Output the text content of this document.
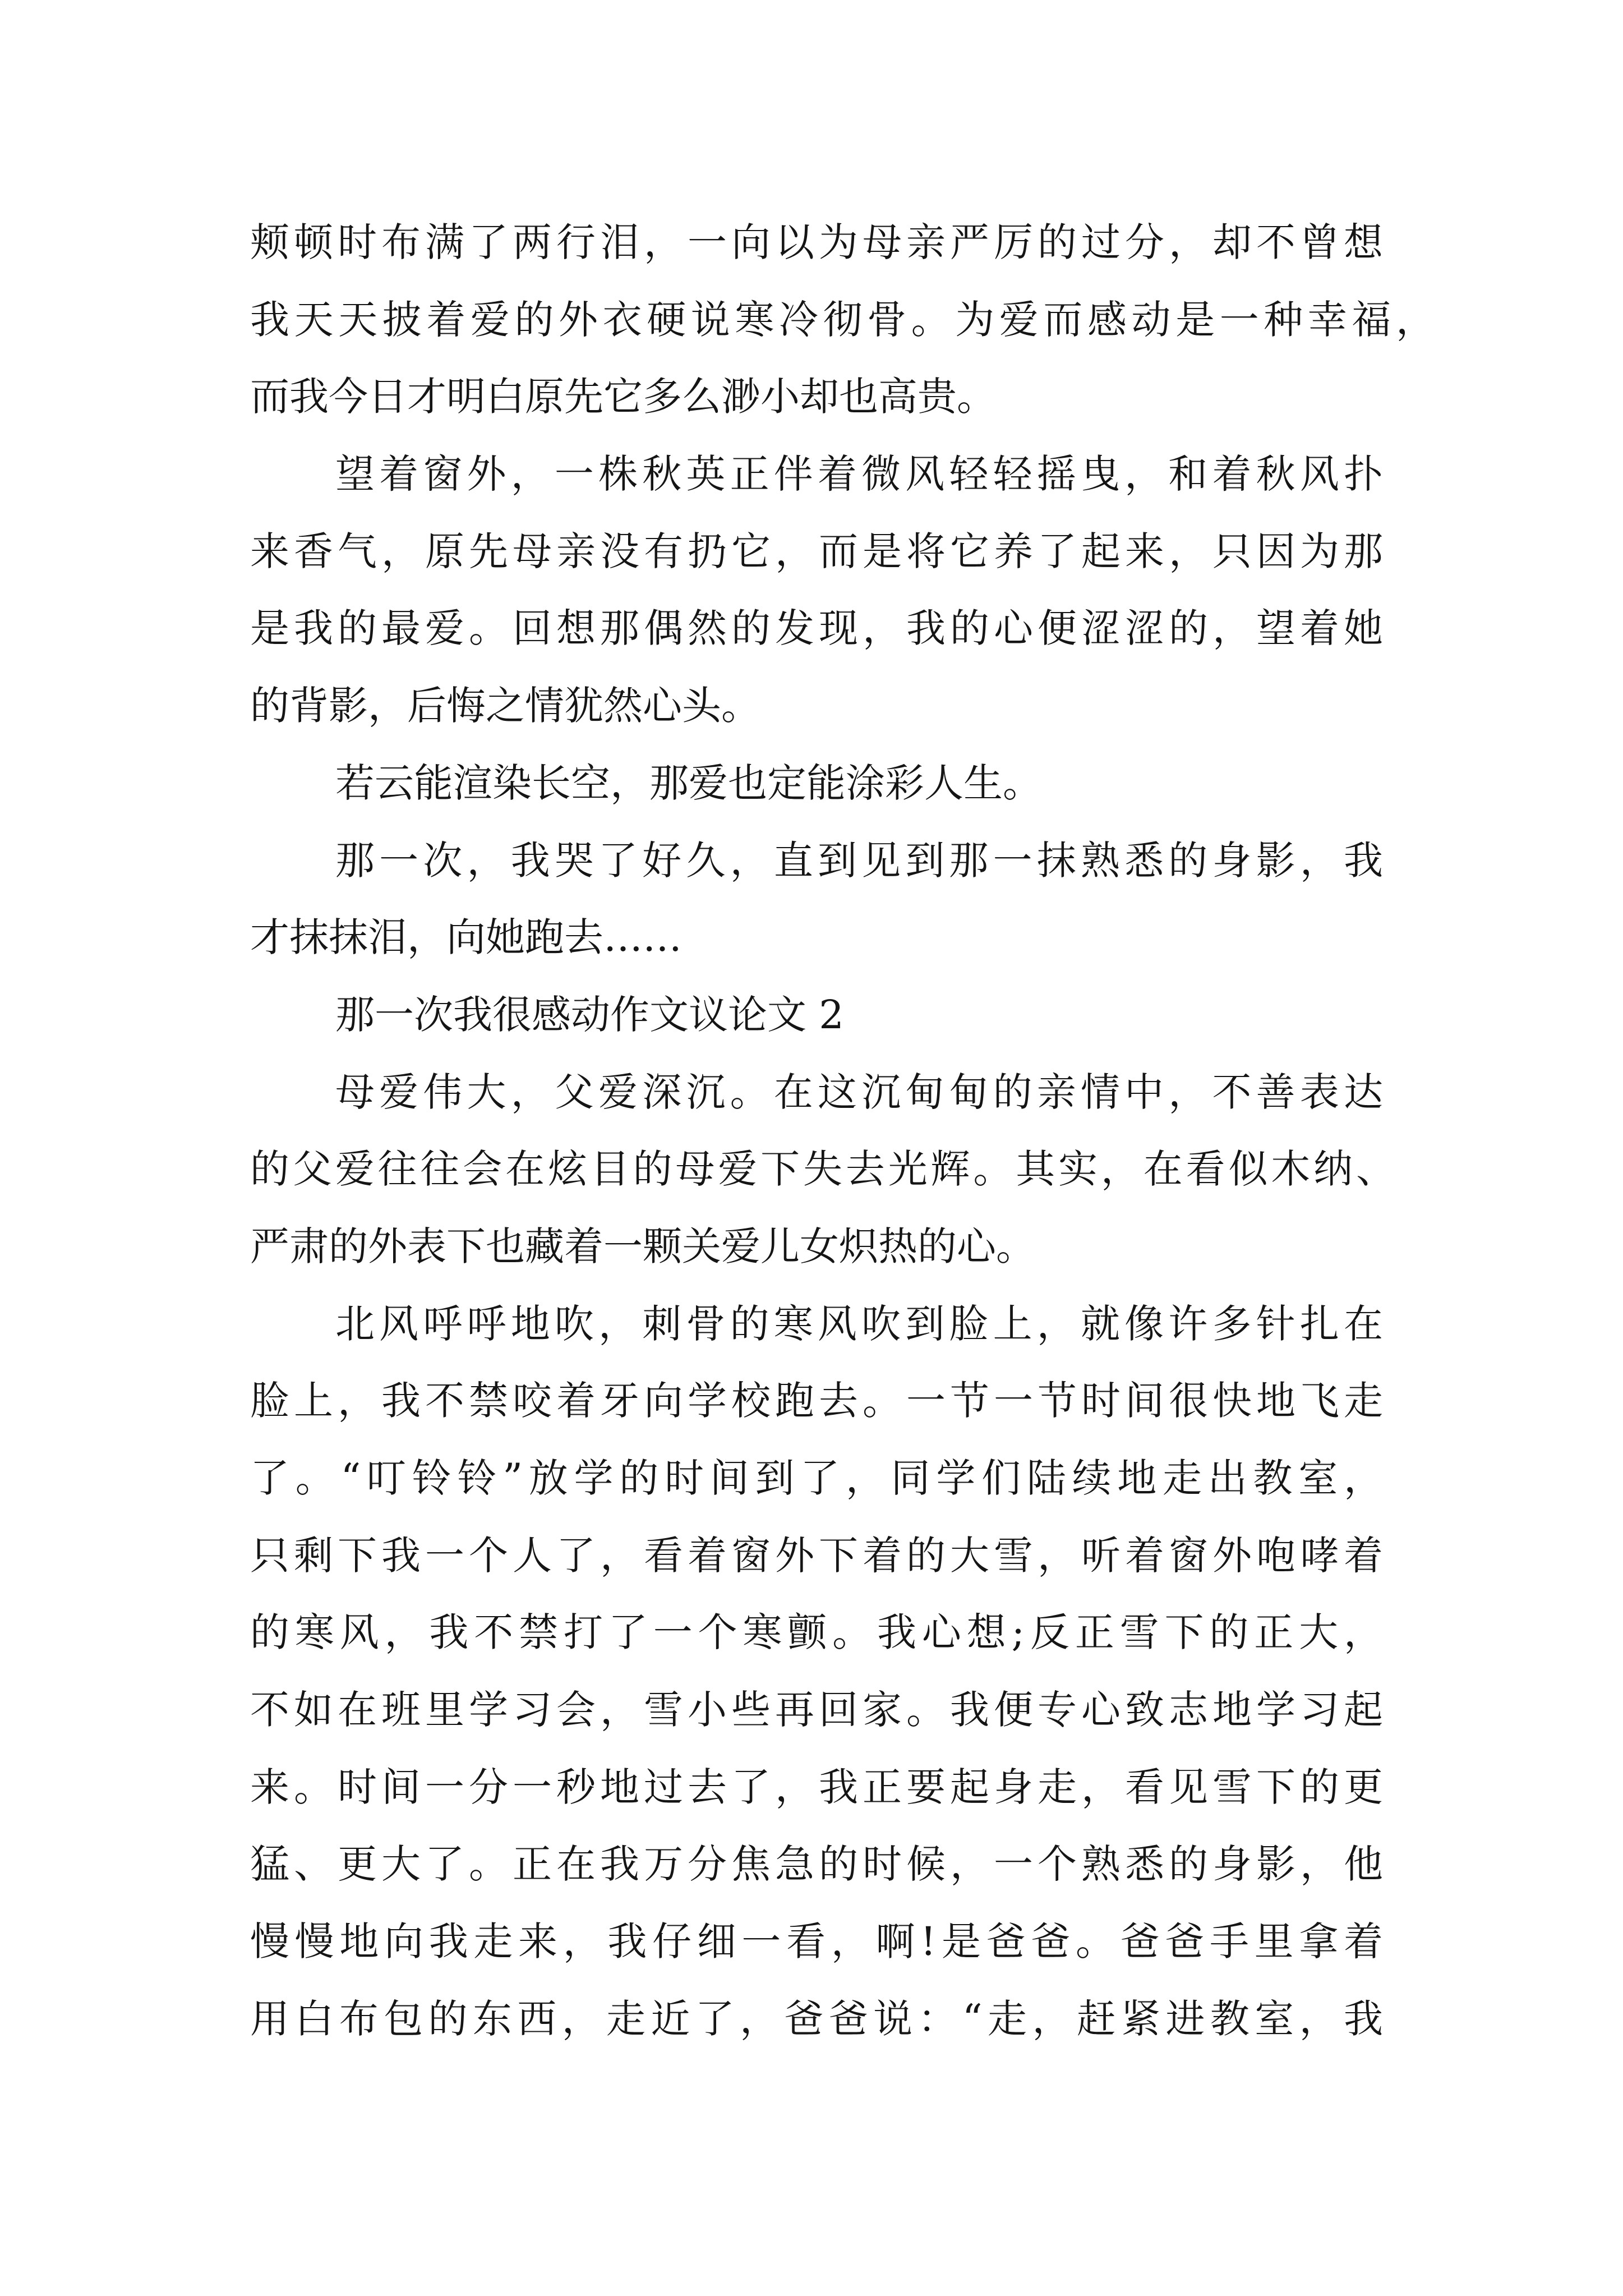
颊顿时布满了两行泪，一向以为母亲严厉的过分，却不曾想
我天天披着爱的外衣硬说寒冷彻骨。为爱而感动是一种幸福，
而我今日才明白原先它多么渺小却也高贵。
望着窗外，一株秋英正伴着微风轻轻摇曳，和着秋风扑
来香气，原先母亲没有扔它，而是将它养了起来，只因为那
是我的最爱。回想那偶然的发现，我的心便涩涩的，望着她
的背影，后悔之情犹然心头。
若云能渲染长空，那爱也定能涂彩人生。
那一次，我哭了好久，直到见到那一抹熟悉的身影，我
才抹抹泪，向她跑去……
那一次我很感动作文议论文 2
母爱伟大，父爱深沉。在这沉甸甸的亲情中，不善表达
的父爱往往会在炫目的母爱下失去光辉。其实，在看似木纳、
严肃的外表下也藏着一颗关爱儿女炽热的心。
北风呼呼地吹，刺骨的寒风吹到脸上，就像许多针扎在
脸上，我不禁咬着牙向学校跑去。一节一节时间很快地飞走
了。“叮铃铃”放学的时间到了，同学们陆续地走出教室，
只剩下我一个人了，看着窗外下着的大雪，听着窗外咆哮着
的寒风，我不禁打了一个寒颤。我心想;反正雪下的正大，
不如在班里学习会，雪小些再回家。我便专心致志地学习起
来。时间一分一秒地过去了，我正要起身走，看见雪下的更
猛、更大了。正在我万分焦急的时候，一个熟悉的身影，他
慢慢地向我走来，我仔细一看，啊!是爸爸。爸爸手里拿着
用白布包的东西，走近了，爸爸说：“走，赶紧进教室，我
